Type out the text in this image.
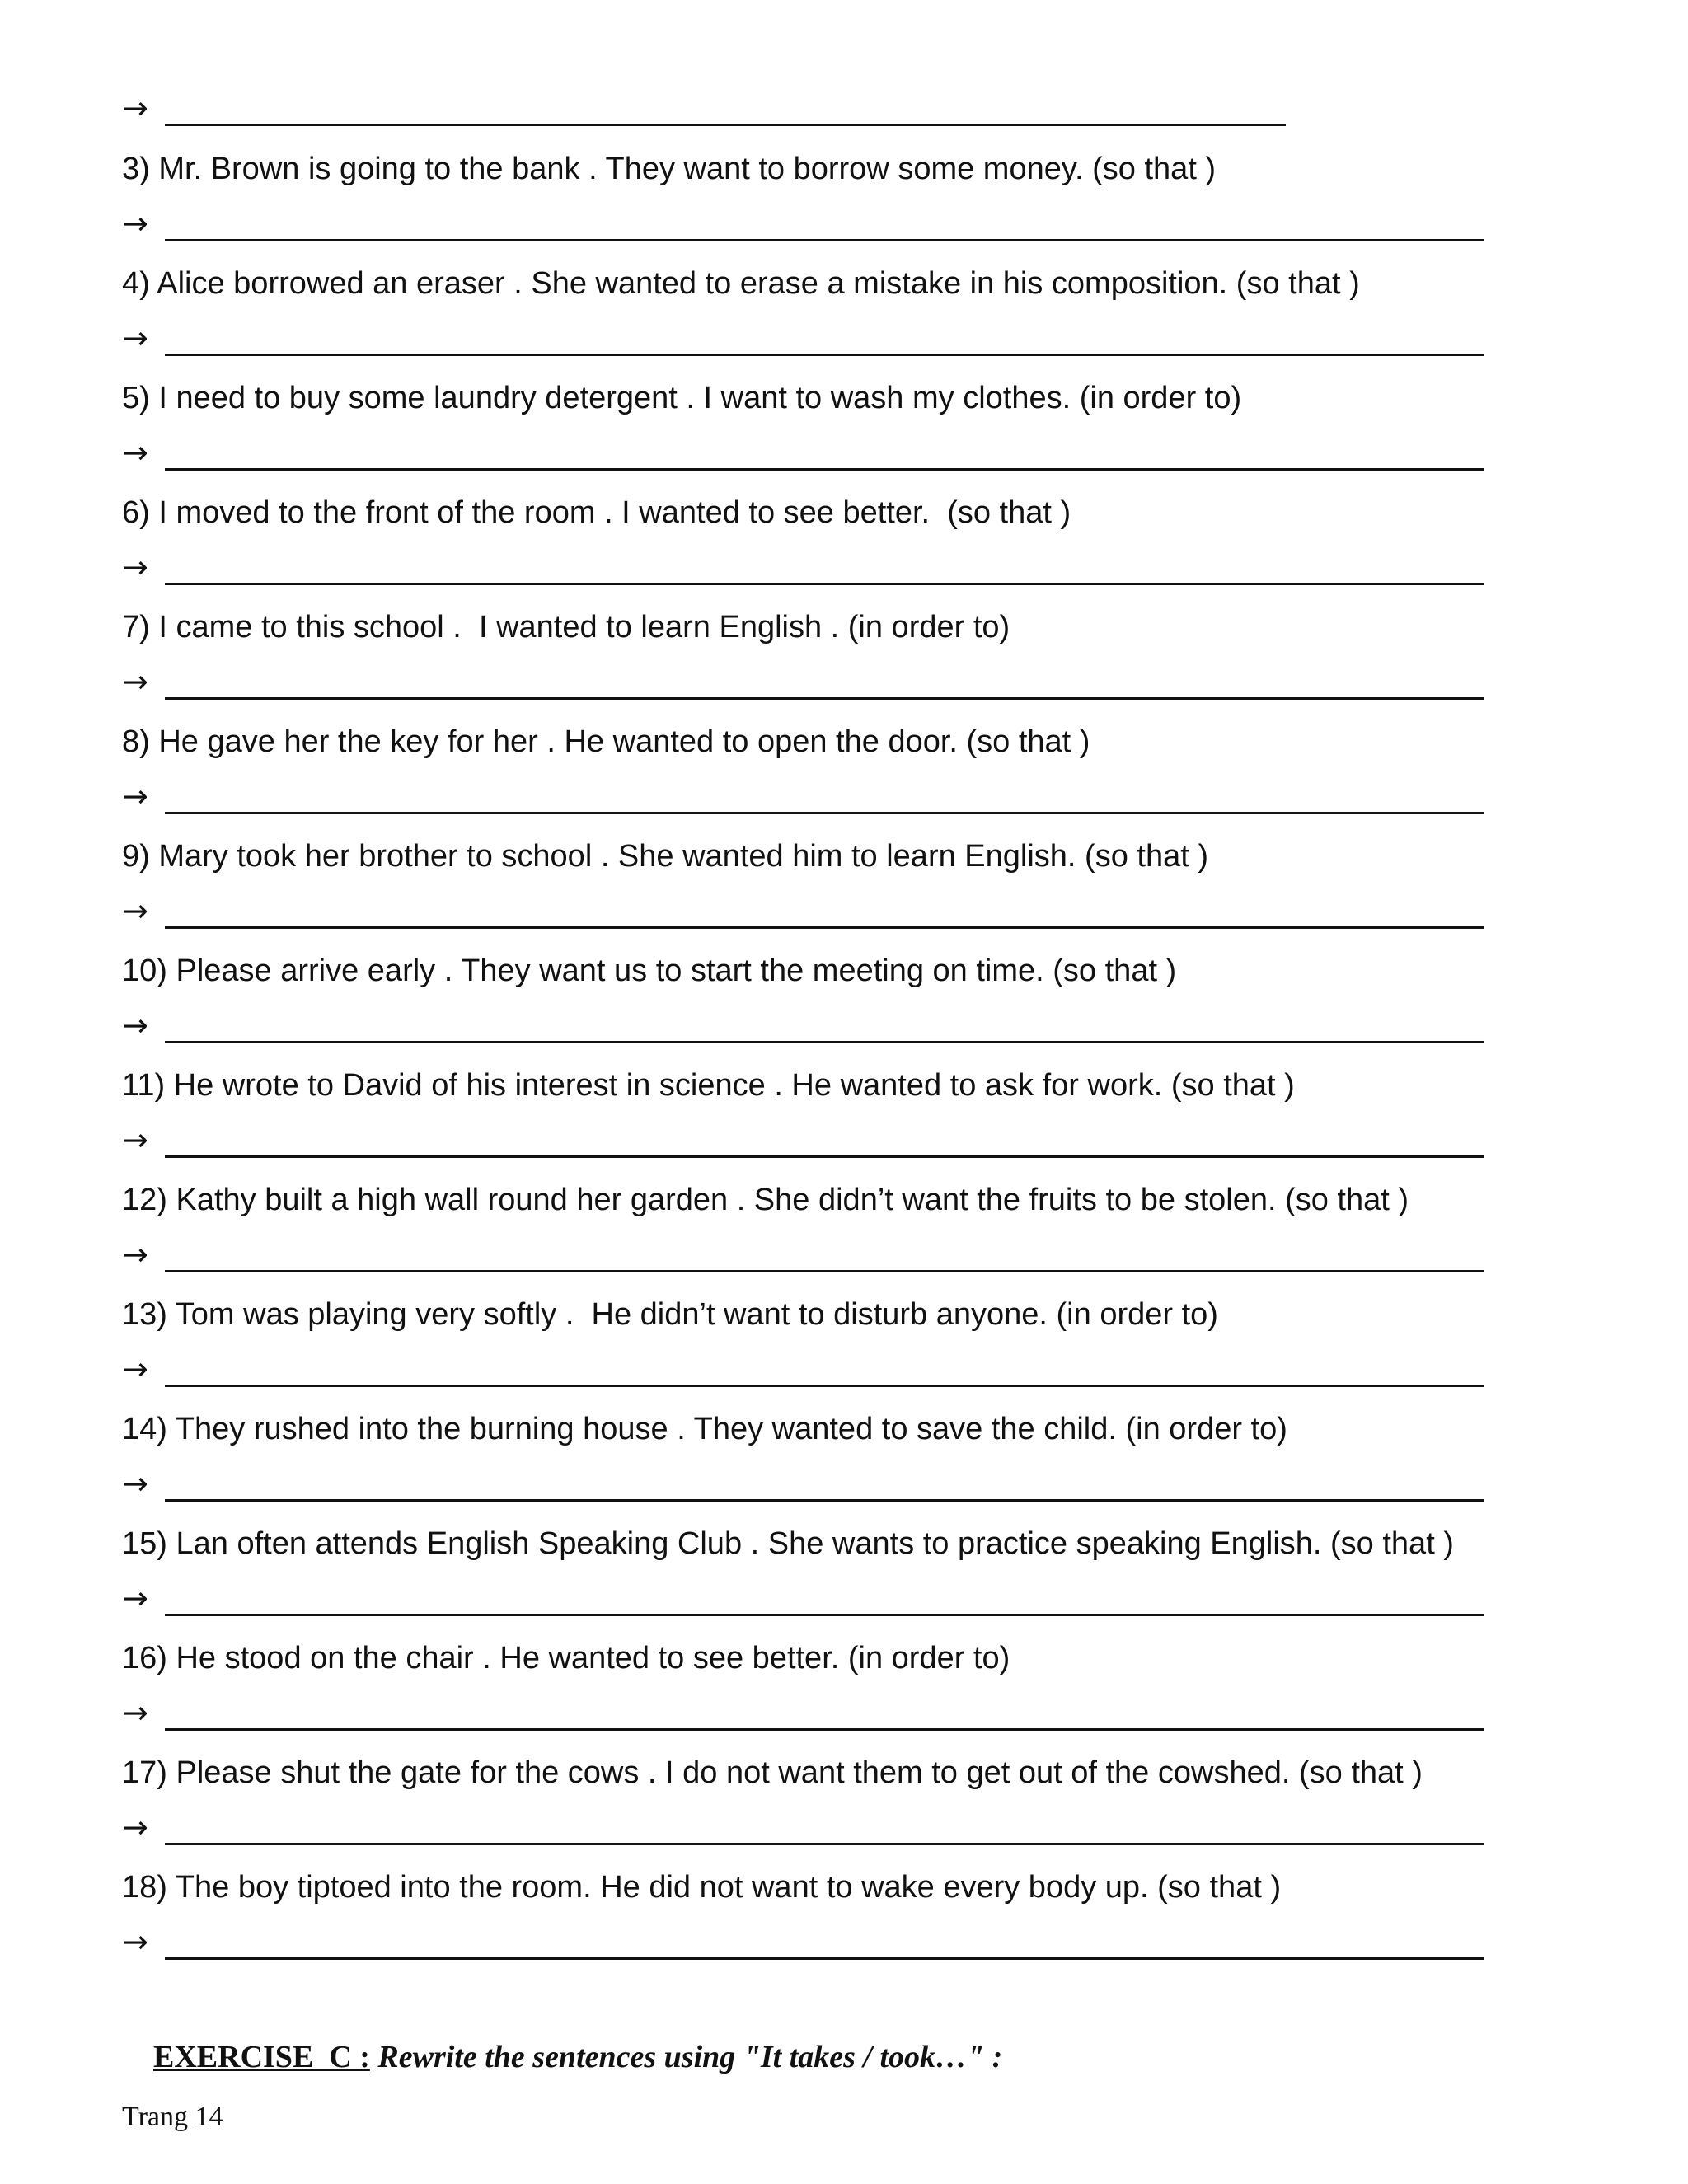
→
3) Mr. Brown is going to the bank . They want to borrow some money. (so that )
→
4) Alice borrowed an eraser . She wanted to erase a mistake in his composition. (so that )
→
5) I need to buy some laundry detergent . I want to wash my clothes. (in order to)
→
6) I moved to the front of the room . I wanted to see better.  (so that )
→
7) I came to this school .  I wanted to learn English . (in order to)
→
8) He gave her the key for her . He wanted to open the door. (so that )
→
9) Mary took her brother to school . She wanted him to learn English. (so that )
→
10) Please arrive early . They want us to start the meeting on time. (so that )
→
11) He wrote to David of his interest in science . He wanted to ask for work. (so that )
→
12) Kathy built a high wall round her garden . She didn’t want the fruits to be stolen. (so that )
→
13) Tom was playing very softly .  He didn’t want to disturb anyone. (in order to)
→
14) They rushed into the burning house . They wanted to save the child. (in order to)
→
15) Lan often attends English Speaking Club . She wants to practice speaking English. (so that )
→
16) He stood on the chair . He wanted to see better. (in order to)
→
17) Please shut the gate for the cows . I do not want them to get out of the cowshed. (so that )
→
18) The boy tiptoed into the room. He did not want to wake every body up. (so that )
→

EXERCISE  C : Rewrite the sentences using "It takes / took…" :

Trang 14
